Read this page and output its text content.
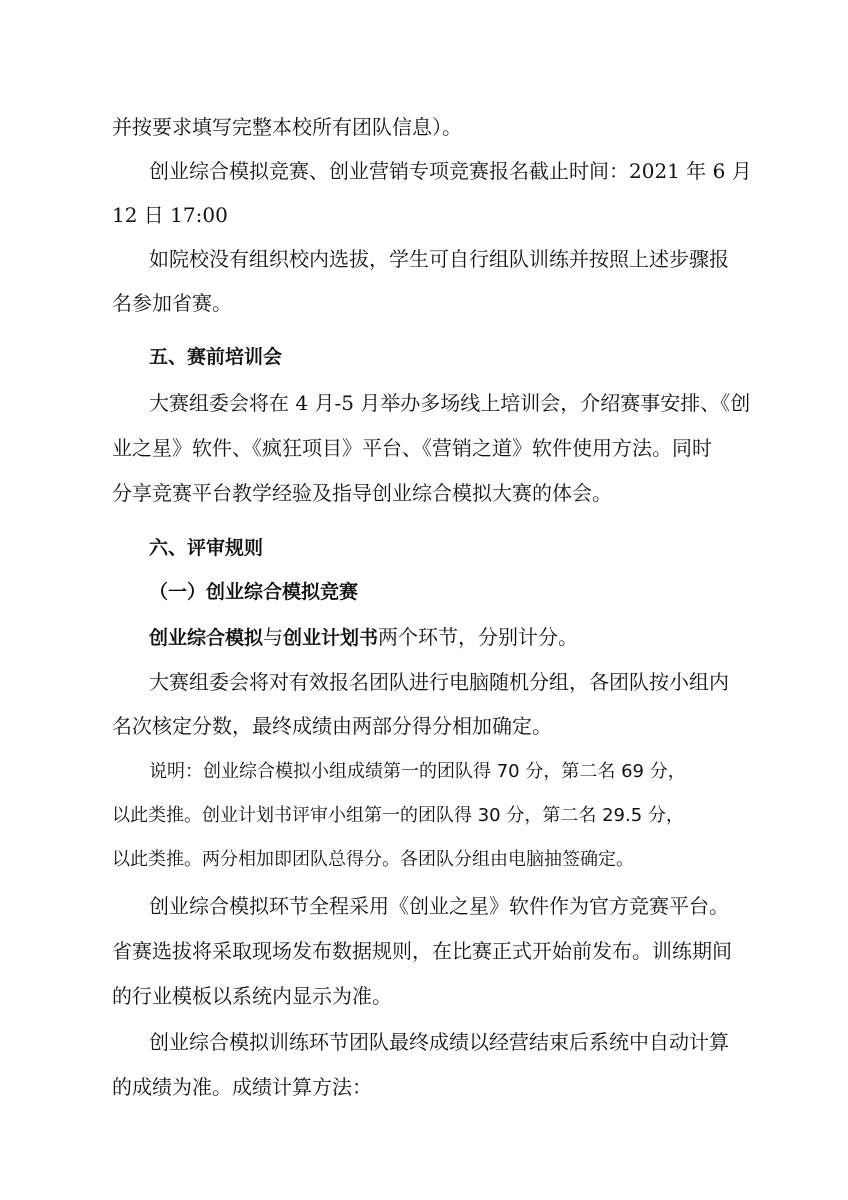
并按要求填写完整本校所有团队信息）。
创业综合模拟竞赛、创业营销专项竞赛报名截止时间：2021 年 6 月
12 日 17:00
如院校没有组织校内选拔，学生可自行组队训练并按照上述步骤报
名参加省赛。
五、赛前培训会
大赛组委会将在 4 月-5 月举办多场线上培训会，介绍赛事安排、《创
业之星》软件、《疯狂项目》平台、《营销之道》软件使用方法。同时
分享竞赛平台教学经验及指导创业综合模拟大赛的体会。
六、评审规则
（一）创业综合模拟竞赛
创业综合模拟与创业计划书两个环节，分别计分。
大赛组委会将对有效报名团队进行电脑随机分组，各团队按小组内
名次核定分数，最终成绩由两部分得分相加确定。
说明：创业综合模拟小组成绩第一的团队得 70 分，第二名 69 分，
以此类推。创业计划书评审小组第一的团队得 30 分，第二名 29.5 分，
以此类推。两分相加即团队总得分。各团队分组由电脑抽签确定。
创业综合模拟环节全程采用《创业之星》软件作为官方竞赛平台。
省赛选拔将采取现场发布数据规则，在比赛正式开始前发布。训练期间
的行业模板以系统内显示为准。
创业综合模拟训练环节团队最终成绩以经营结束后系统中自动计算
的成绩为准。成绩计算方法：
